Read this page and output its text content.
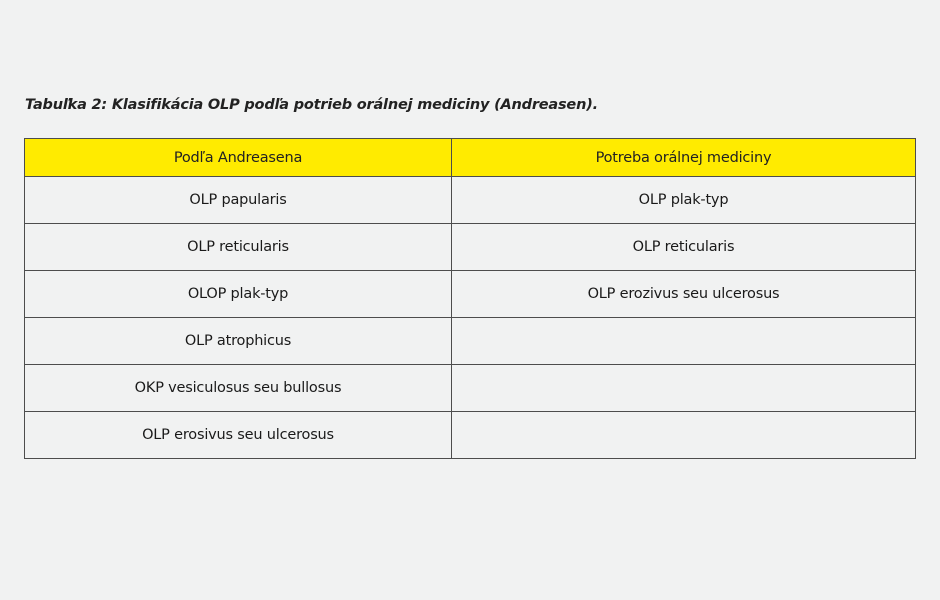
Tabuľka 2: Klasifikácia OLP podľa potrieb orálnej mediciny (Andreasen).

Podľa Andreasena	Potreba orálnej mediciny
OLP papularis	OLP plak-typ
OLP reticularis	OLP reticularis
OLOP plak-typ	OLP erozivus seu ulcerosus
OLP atrophicus	
OKP vesiculosus seu bullosus	
OLP erosivus seu ulcerosus	
